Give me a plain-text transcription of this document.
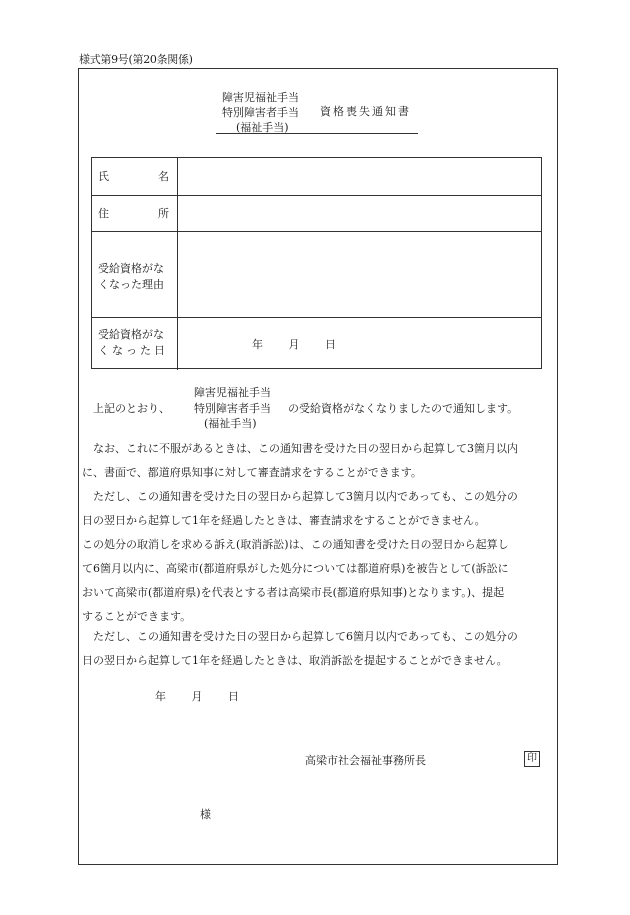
様式第9号(第20条関係)
障害児福祉手当
特別障害者手当
(福祉手当)
資格喪失通知書
氏	名
住	所
受給資格がな
くなった理由
受給資格がな
くなった日	年 月 日
障害児福祉手当
上記のとおり、 特別障害者手当 の受給資格がなくなりましたので通知します。
(福祉手当)
　なお、これに不服があるときは、この通知書を受けた日の翌日から起算して3箇月以内
に、書面で、都道府県知事に対して審査請求をすることができます。
　ただし、この通知書を受けた日の翌日から起算して3箇月以内であっても、この処分の
日の翌日から起算して1年を経過したときは、審査請求をすることができません。
この処分の取消しを求める訴え(取消訴訟)は、この通知書を受けた日の翌日から起算し
て6箇月以内に、高梁市(都道府県がした処分については都道府県)を被告として(訴訟に
おいて高梁市(都道府県)を代表とする者は高梁市長(都道府県知事)となります。)、提起
することができます。
　ただし、この通知書を受けた日の翌日から起算して6箇月以内であっても、この処分の
日の翌日から起算して1年を経過したときは、取消訴訟を提起することができません。
年 月 日
高梁市社会福祉事務所長	印
様
